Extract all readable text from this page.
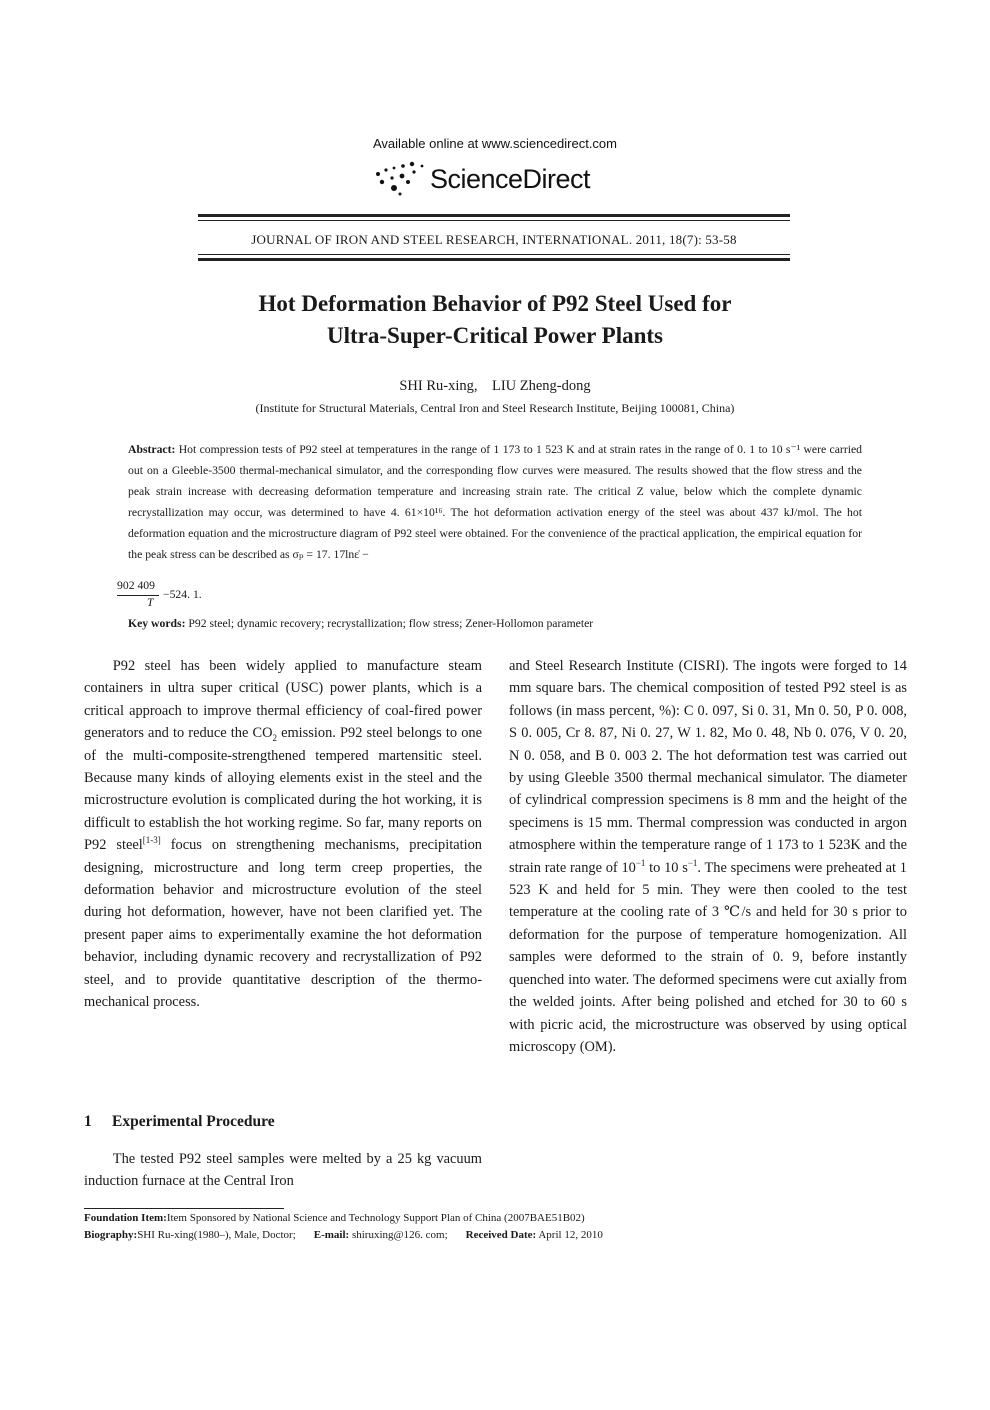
Available online at www.sciencedirect.com
ScienceDirect
JOURNAL OF IRON AND STEEL RESEARCH, INTERNATIONAL. 2011, 18(7): 53-58
Hot Deformation Behavior of P92 Steel Used for
Ultra-Super-Critical Power Plants
SHI Ru-xing,    LIU Zheng-dong
(Institute for Structural Materials, Central Iron and Steel Research Institute, Beijing 100081, China)
Abstract: Hot compression tests of P92 steel at temperatures in the range of 1 173 to 1 523 K and at strain rates in the range of 0. 1 to 10 s⁻¹ were carried out on a Gleeble-3500 thermal-mechanical simulator, and the corresponding flow curves were measured. The results showed that the flow stress and the peak strain increase with decreasing deformation temperature and increasing strain rate. The critical Z value, below which the complete dynamic recrystallization may occur, was determined to have 4. 61×10¹⁶. The hot deformation activation energy of the steel was about 437 kJ/mol. The hot deformation equation and the microstructure diagram of P92 steel were obtained. For the convenience of the practical application, the empirical equation for the peak stress can be described as σₚ = 17. 17lnε̇ −
902 409
T
−524. 1.
Key words: P92 steel; dynamic recovery; recrystallization; flow stress; Zener-Hollomon parameter

P92 steel has been widely applied to manufacture steam containers in ultra super critical (USC) power plants, which is a critical approach to improve thermal efficiency of coal-fired power generators and to reduce the $CO_2$ emission. P92 steel belongs to one of the multi-composite-strengthened tempered martensitic steel. Because many kinds of alloying elements exist in the steel and the microstructure evolution is complicated during the hot working, it is difficult to establish the hot working regime. So far, many reports on P92 steel[1-3] focus on strengthening mechanisms, precipitation designing, microstructure and long term creep properties, the deformation behavior and microstructure evolution of the steel during hot deformation, however, have not been clarified yet. The present paper aims to experimentally examine the hot deformation behavior, including dynamic recovery and recrystallization of P92 steel, and to provide quantitative description of the thermo-mechanical process.

1 Experimental Procedure

The tested P92 steel samples were melted by a 25 kg vacuum induction furnace at the Central Iron

and Steel Research Institute (CISRI). The ingots were forged to 14 mm square bars. The chemical composition of tested P92 steel is as follows (in mass percent, %): C 0. 097, Si 0. 31, Mn 0. 50, P 0. 008, S 0. 005, Cr 8. 87, Ni 0. 27, W 1. 82, Mo 0. 48, Nb 0. 076, V 0. 20, N 0. 058, and B 0. 003 2. The hot deformation test was carried out by using Gleeble 3500 thermal mechanical simulator. The diameter of cylindrical compression specimens is 8 mm and the height of the specimens is 15 mm. Thermal compression was conducted in argon atmosphere within the temperature range of 1 173 to 1 523K and the strain rate range of $10^{-1}$ to 10 $s^{-1}$. The specimens were preheated at 1 523 K and held for 5 min. They were then cooled to the test temperature at the cooling rate of 3 ℃/s and held for 30 s prior to deformation for the purpose of temperature homogenization. All samples were deformed to the strain of 0. 9, before instantly quenched into water. The deformed specimens were cut axially from the welded joints. After being polished and etched for 30 to 60 s with picric acid, the microstructure was observed by using optical microscopy (OM).

Foundation Item:Item Sponsored by National Science and Technology Support Plan of China (2007BAE51B02)
Biography:SHI Ru-xing(1980–), Male, Doctor; E-mail: shiruxing@126. com; Received Date: April 12, 2010
